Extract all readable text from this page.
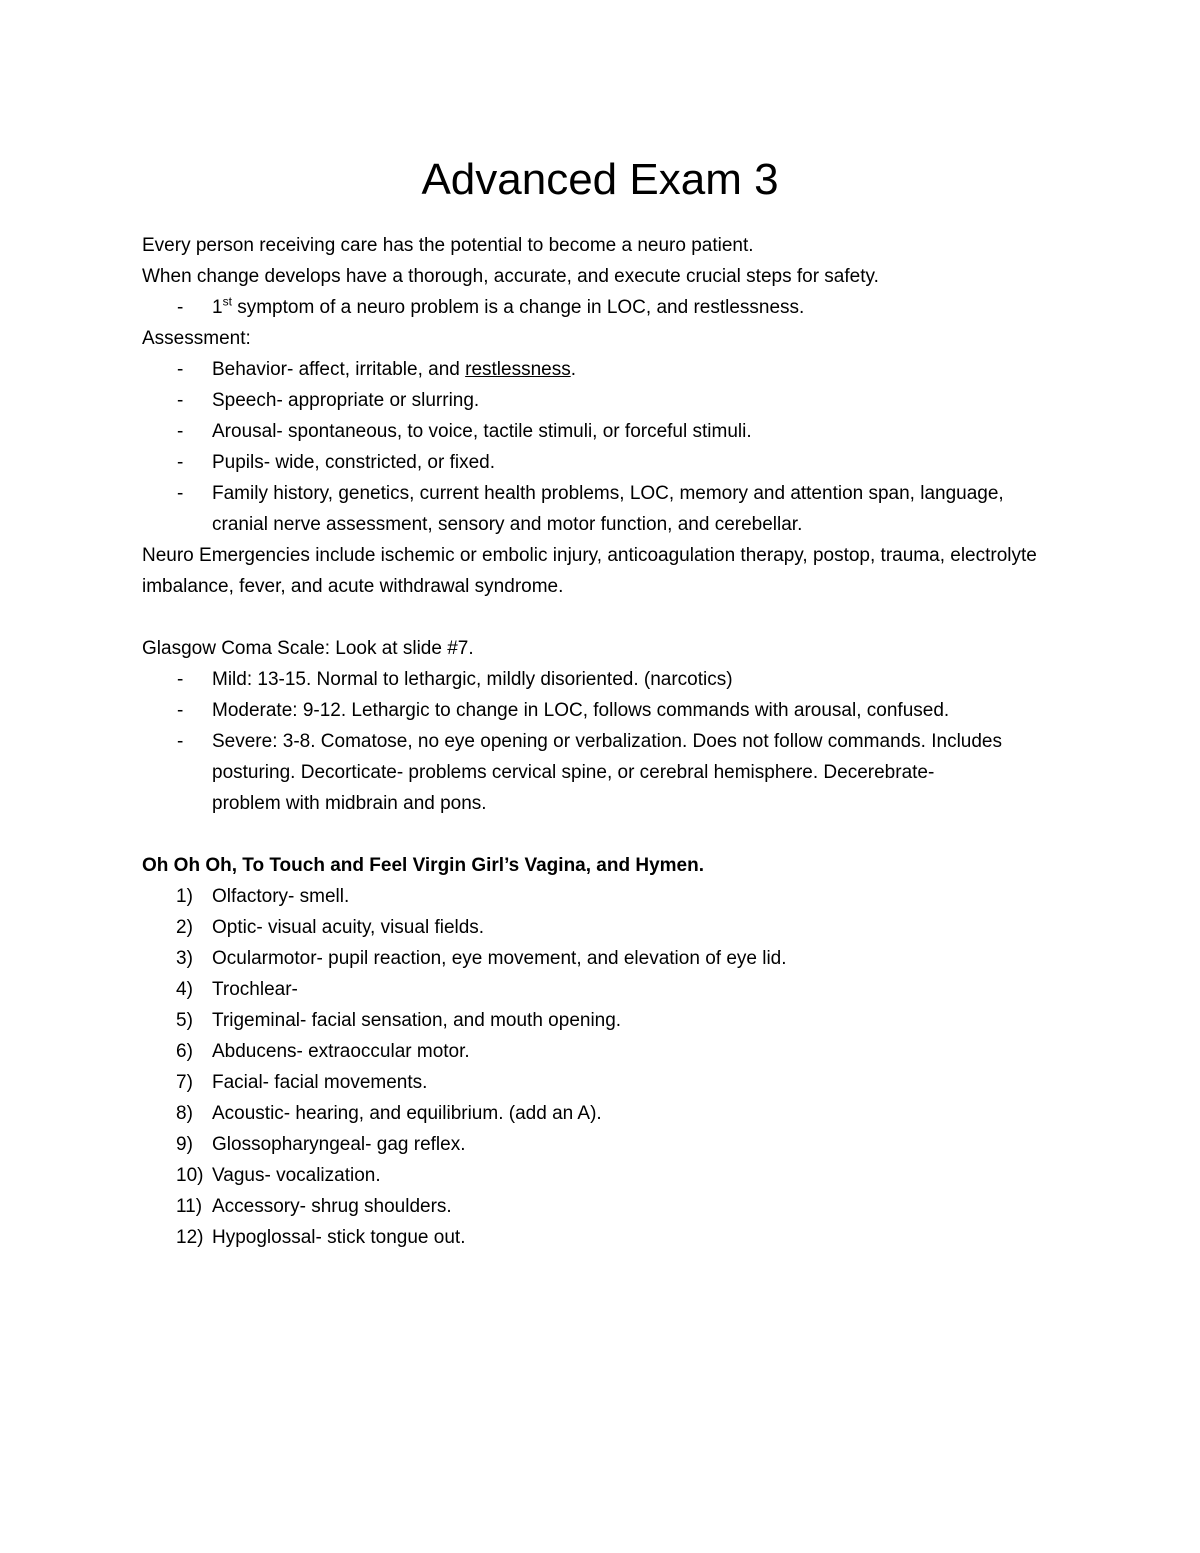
Advanced Exam 3

Every person receiving care has the potential to become a neuro patient.

When change develops have a thorough, accurate, and execute crucial steps for safety.

- 1st symptom of a neuro problem is a change in LOC, and restlessness.

Assessment:

- Behavior- affect, irritable, and restlessness.
- Speech- appropriate or slurring.
- Arousal- spontaneous, to voice, tactile stimuli, or forceful stimuli.
- Pupils- wide, constricted, or fixed.
- Family history, genetics, current health problems, LOC, memory and attention span, language, cranial nerve assessment, sensory and motor function, and cerebellar.

Neuro Emergencies include ischemic or embolic injury, anticoagulation therapy, postop, trauma, electrolyte imbalance, fever, and acute withdrawal syndrome.

Glasgow Coma Scale: Look at slide #7.

- Mild: 13-15. Normal to lethargic, mildly disoriented. (narcotics)
- Moderate: 9-12. Lethargic to change in LOC, follows commands with arousal, confused.
- Severe: 3-8. Comatose, no eye opening or verbalization. Does not follow commands. Includes posturing. Decorticate- problems cervical spine, or cerebral hemisphere. Decerebrate- problem with midbrain and pons.

Oh Oh Oh, To Touch and Feel Virgin Girl’s Vagina, and Hymen.

1) Olfactory- smell.
2) Optic- visual acuity, visual fields.
3) Ocularmotor- pupil reaction, eye movement, and elevation of eye lid.
4) Trochlear-
5) Trigeminal- facial sensation, and mouth opening.
6) Abducens- extraoccular motor.
7) Facial- facial movements.
8) Acoustic- hearing, and equilibrium. (add an A).
9) Glossopharyngeal- gag reflex.
10) Vagus- vocalization.
11) Accessory- shrug shoulders.
12) Hypoglossal- stick tongue out.
